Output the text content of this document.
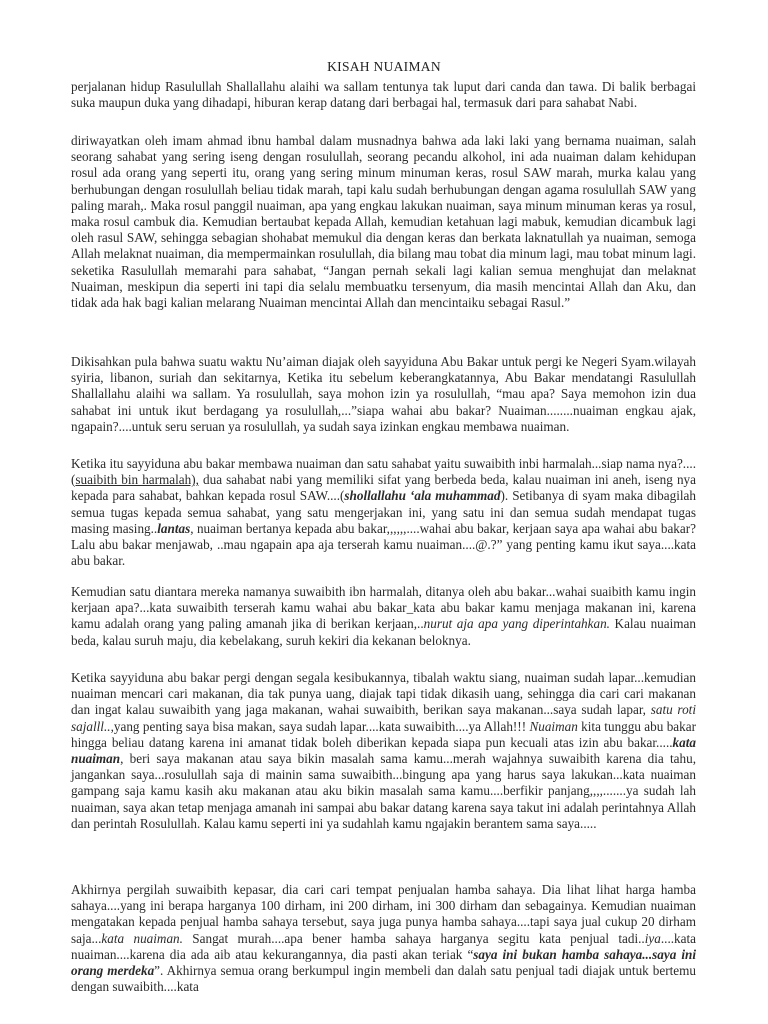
KISAH NUAIMAN

perjalanan hidup Rasulullah Shallallahu alaihi wa sallam tentunya tak luput dari canda dan tawa. Di balik berbagai suka maupun duka yang dihadapi, hiburan kerap datang dari berbagai hal, termasuk dari para sahabat Nabi.

diriwayatkan oleh imam ahmad ibnu hambal dalam musnadnya bahwa ada laki laki yang bernama nuaiman, salah seorang sahabat yang sering iseng dengan rosulullah, seorang pecandu alkohol, ini ada nuaiman dalam kehidupan rosul ada orang yang seperti itu, orang yang sering minum minuman keras, rosul SAW marah, murka kalau yang berhubungan dengan rosulullah beliau tidak marah, tapi kalu sudah berhubungan dengan agama rosulullah SAW yang paling marah,. Maka rosul panggil nuaiman, apa yang engkau lakukan nuaiman, saya minum minuman keras ya rosul, maka rosul cambuk dia. Kemudian bertaubat kepada Allah, kemudian ketahuan lagi mabuk, kemudian dicambuk lagi oleh rasul SAW, sehingga sebagian shohabat memukul dia dengan keras dan berkata laknatullah ya nuaiman, semoga Allah melaknat nuaiman, dia mempermainkan rosulullah, dia bilang mau tobat dia minum lagi, mau tobat minum lagi. seketika Rasulullah memarahi para sahabat, “Jangan pernah sekali lagi kalian semua menghujat dan melaknat Nuaiman, meskipun dia seperti ini tapi dia selalu membuatku tersenyum, dia masih mencintai Allah dan Aku, dan tidak ada hak bagi kalian melarang Nuaiman mencintai Allah dan mencintaiku sebagai Rasul.”

Dikisahkan pula bahwa suatu waktu Nu’aiman diajak oleh sayyiduna Abu Bakar untuk pergi ke Negeri Syam.wilayah syiria, libanon, suriah dan sekitarnya, Ketika itu sebelum keberangkatannya, Abu Bakar mendatangi Rasulullah Shallallahu alaihi wa sallam. Ya rosulullah, saya mohon izin ya rosulullah, “mau apa? Saya memohon izin dua sahabat ini untuk ikut berdagang ya rosulullah,...”siapa wahai abu bakar? Nuaiman........nuaiman engkau ajak, ngapain?....untuk seru seruan ya rosulullah, ya sudah saya izinkan engkau membawa nuaiman.

Ketika itu sayyiduna abu bakar membawa nuaiman dan satu sahabat yaitu suwaibith inbi harmalah...siap nama nya?....(suaibith bin harmalah), dua sahabat nabi yang memiliki sifat yang berbeda beda, kalau nuaiman ini aneh, iseng nya kepada para sahabat, bahkan kepada rosul SAW....(shollallahu ‘ala muhammad). Setibanya di syam maka dibagilah semua tugas kepada semua sahabat, yang satu mengerjakan ini, yang satu ini dan semua sudah mendapat tugas masing masing..lantas, nuaiman bertanya kepada abu bakar,,,,,,....wahai abu bakar, kerjaan saya apa wahai abu bakar? Lalu abu bakar menjawab, ..mau ngapain apa aja terserah kamu nuaiman....@.?” yang penting kamu ikut saya....kata abu bakar.

Kemudian satu diantara mereka namanya suwaibith ibn harmalah, ditanya oleh abu bakar...wahai suaibith kamu ingin kerjaan apa?...kata suwaibith terserah kamu wahai abu bakar_kata abu bakar kamu menjaga makanan ini, karena kamu adalah orang yang paling amanah jika di berikan kerjaan,..nurut aja apa yang diperintahkan. Kalau nuaiman beda, kalau suruh maju, dia kebelakang, suruh kekiri dia kekanan beloknya.

Ketika sayyiduna abu bakar pergi dengan segala kesibukannya, tibalah waktu siang, nuaiman sudah lapar...kemudian nuaiman mencari cari makanan, dia tak punya uang, diajak tapi tidak dikasih uang, sehingga dia cari cari makanan dan ingat kalau suwaibith yang jaga makanan, wahai suwaibith, berikan saya makanan...saya sudah lapar, satu roti sajalll..,yang penting saya bisa makan, saya sudah lapar....kata suwaibith....ya Allah!!! Nuaiman kita tunggu abu bakar hingga beliau datang karena ini amanat tidak boleh diberikan kepada siapa pun kecuali atas izin abu bakar.....kata nuaiman, beri saya makanan atau saya bikin masalah sama kamu...merah wajahnya suwaibith karena dia tahu, jangankan saya...rosulullah saja di mainin sama suwaibith...bingung apa yang harus saya lakukan...kata nuaiman gampang saja kamu kasih aku makanan atau aku bikin masalah sama kamu....berfikir panjang,,,,.......ya sudah lah nuaiman, saya akan tetap menjaga amanah ini sampai abu bakar datang karena saya takut ini adalah perintahnya Allah dan perintah Rosulullah. Kalau kamu seperti ini ya sudahlah kamu ngajakin berantem sama saya.....

Akhirnya pergilah suwaibith kepasar, dia cari cari tempat penjualan hamba sahaya. Dia lihat lihat harga hamba sahaya....yang ini berapa harganya 100 dirham, ini 200 dirham, ini 300 dirham dan sebagainya. Kemudian nuaiman mengatakan kepada penjual hamba sahaya tersebut, saya juga punya hamba sahaya....tapi saya jual cukup 20 dirham saja...kata nuaiman. Sangat murah....apa bener hamba sahaya harganya segitu kata penjual tadi..iya....kata nuaiman....karena dia ada aib atau kekurangannya, dia pasti akan teriak “saya ini bukan hamba sahaya...saya ini orang merdeka”. Akhirnya semua orang berkumpul ingin membeli dan dalah satu penjual tadi diajak untuk bertemu dengan suwaibith....kata
